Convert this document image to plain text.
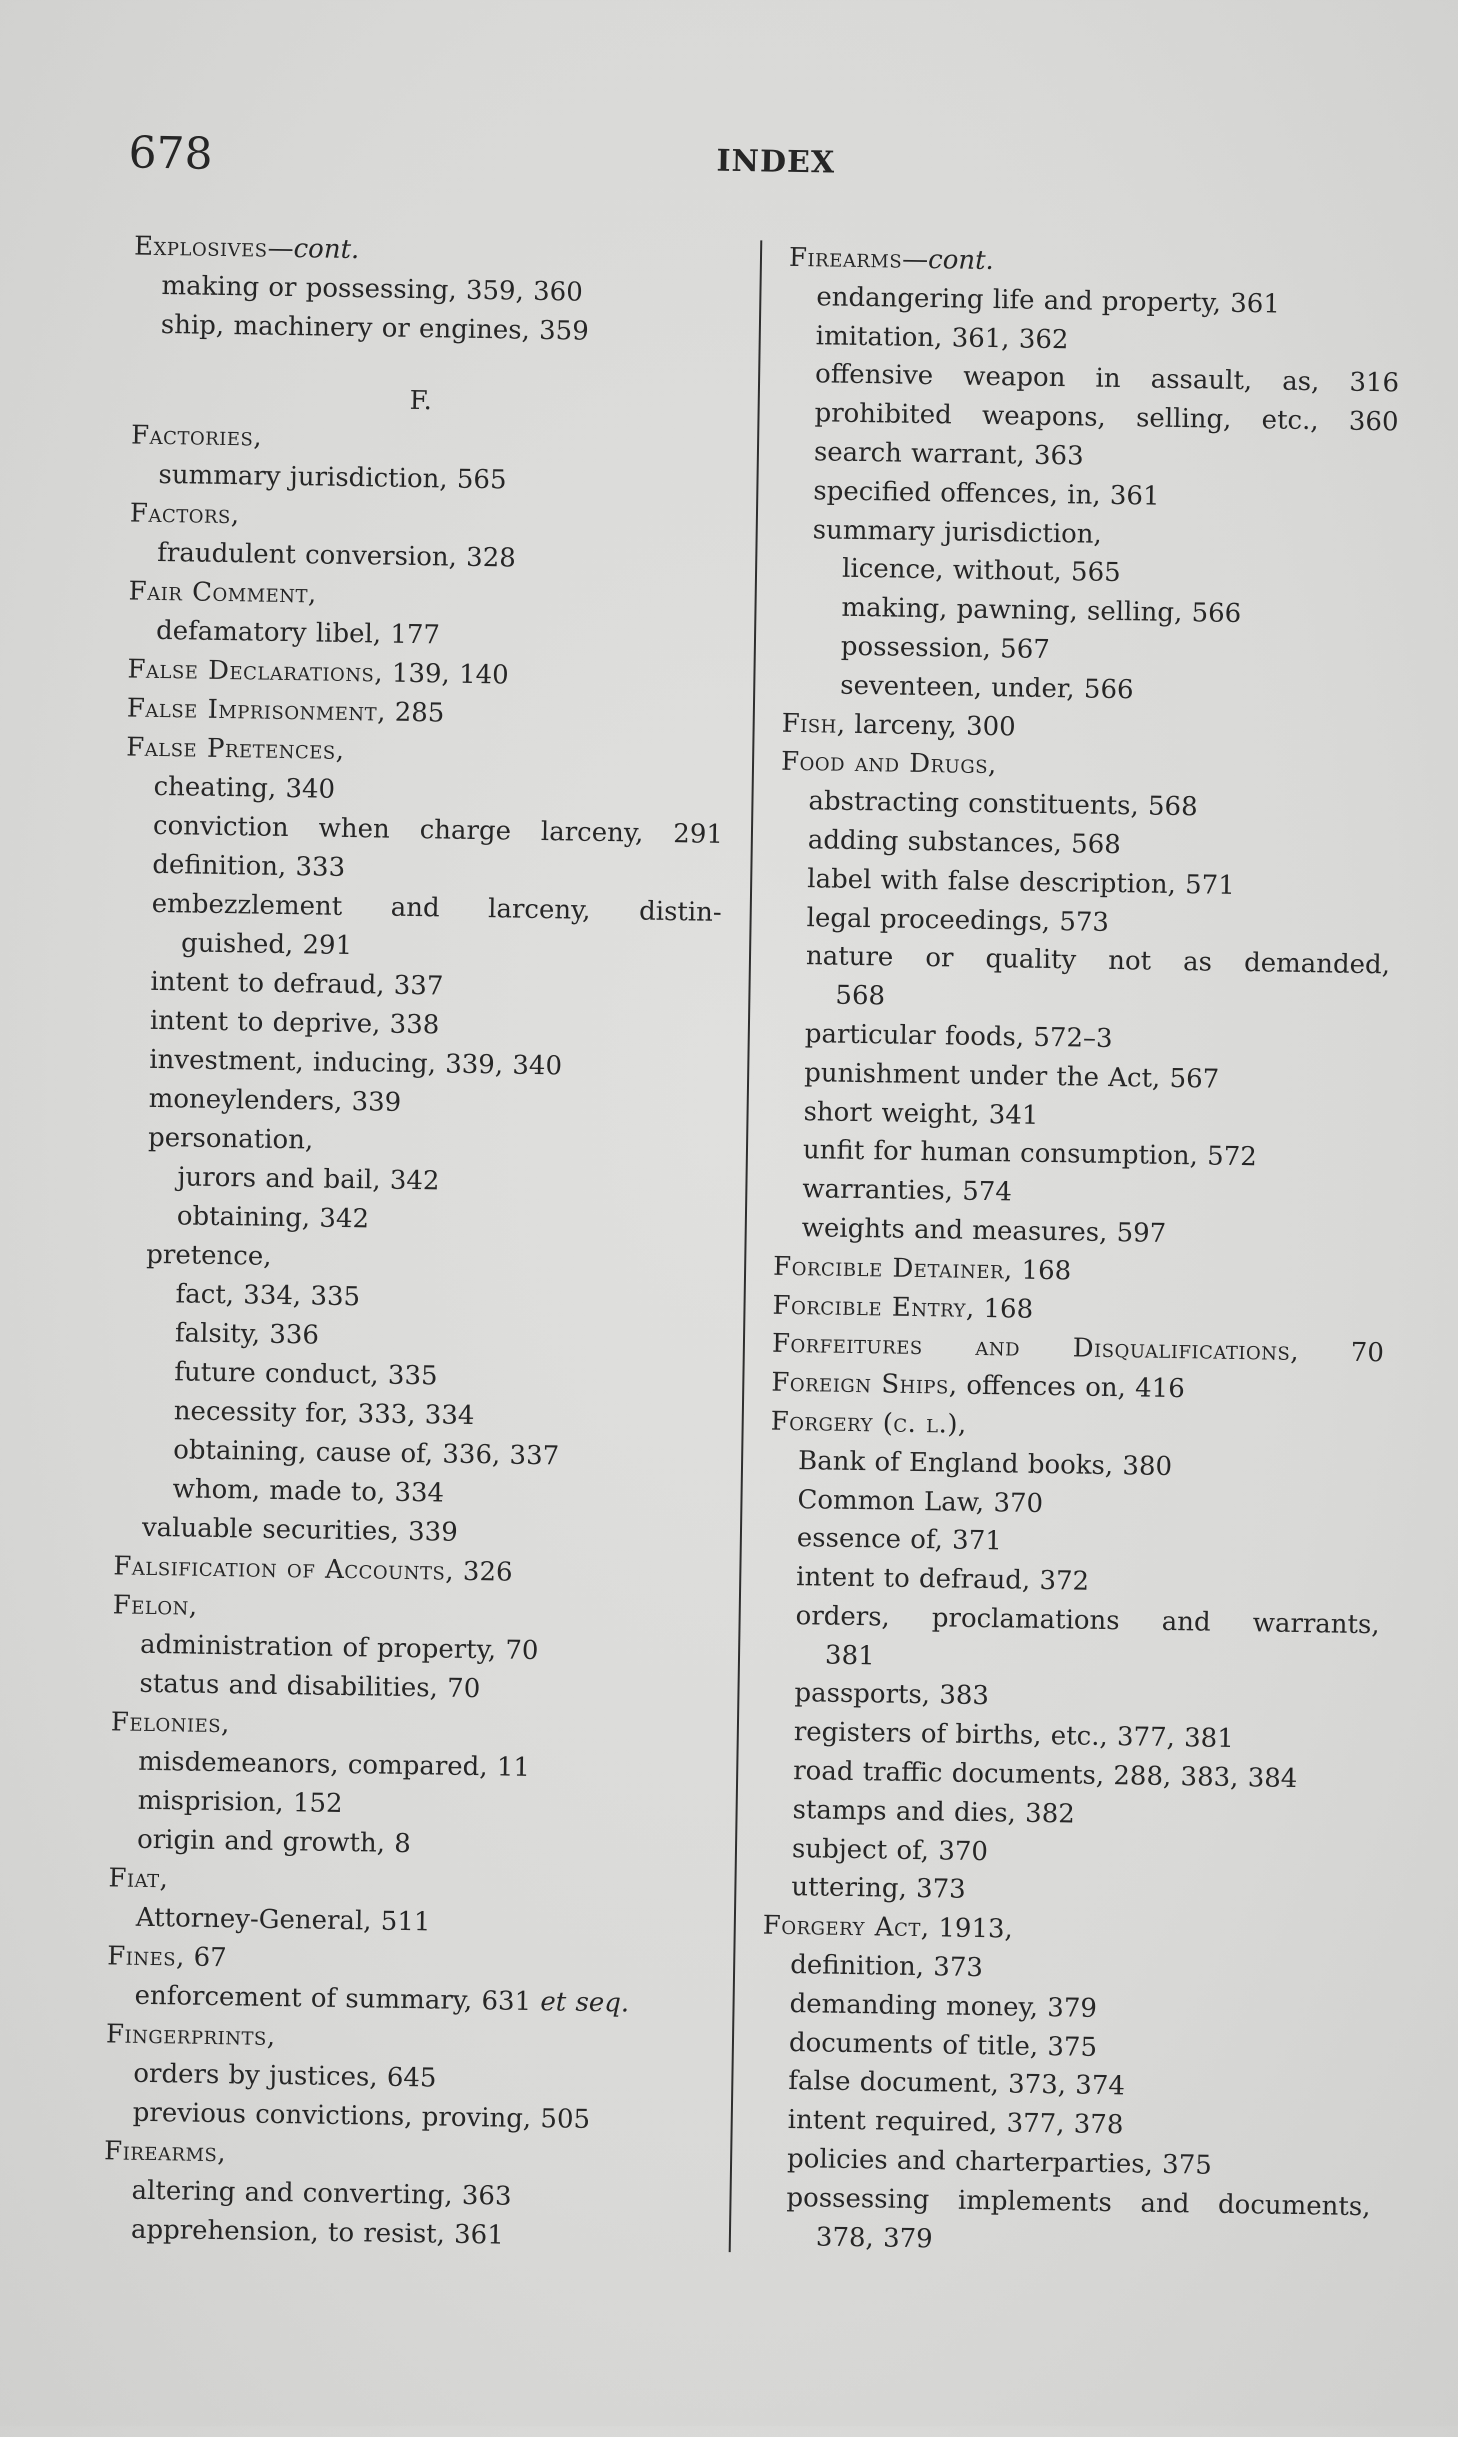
678	INDEX
Explosives—cont.
making or possessing, 359, 360
ship, machinery or engines, 359
F.
Factories,
summary jurisdiction, 565
Factors,
fraudulent conversion, 328
Fair Comment,
defamatory libel, 177
False Declarations, 139, 140
False Imprisonment, 285
False Pretences,
cheating, 340
conviction when charge larceny, 291
definition, 333
embezzlement and larceny, distin-
guished, 291
intent to defraud, 337
intent to deprive, 338
investment, inducing, 339, 340
moneylenders, 339
personation,
jurors and bail, 342
obtaining, 342
pretence,
fact, 334, 335
falsity, 336
future conduct, 335
necessity for, 333, 334
obtaining, cause of, 336, 337
whom, made to, 334
valuable securities, 339
Falsification of Accounts, 326
Felon,
administration of property, 70
status and disabilities, 70
Felonies,
misdemeanors, compared, 11
misprision, 152
origin and growth, 8
Fiat,
Attorney-General, 511
Fines, 67
enforcement of summary, 631 et seq.
Fingerprints,
orders by justices, 645
previous convictions, proving, 505
Firearms,
altering and converting, 363
apprehension, to resist, 361
Firearms—cont.
endangering life and property, 361
imitation, 361, 362
offensive weapon in assault, as, 316
prohibited weapons, selling, etc., 360
search warrant, 363
specified offences, in, 361
summary jurisdiction,
licence, without, 565
making, pawning, selling, 566
possession, 567
seventeen, under, 566
Fish, larceny, 300
Food and Drugs,
abstracting constituents, 568
adding substances, 568
label with false description, 571
legal proceedings, 573
nature or quality not as demanded,
568
particular foods, 572–3
punishment under the Act, 567
short weight, 341
unfit for human consumption, 572
warranties, 574
weights and measures, 597
Forcible Detainer, 168
Forcible Entry, 168
Forfeitures and Disqualifications, 70
Foreign Ships, offences on, 416
Forgery (c. l.),
Bank of England books, 380
Common Law, 370
essence of, 371
intent to defraud, 372
orders, proclamations and warrants,
381
passports, 383
registers of births, etc., 377, 381
road traffic documents, 288, 383, 384
stamps and dies, 382
subject of, 370
uttering, 373
Forgery Act, 1913,
definition, 373
demanding money, 379
documents of title, 375
false document, 373, 374
intent required, 377, 378
policies and charterparties, 375
possessing implements and documents,
378, 379
